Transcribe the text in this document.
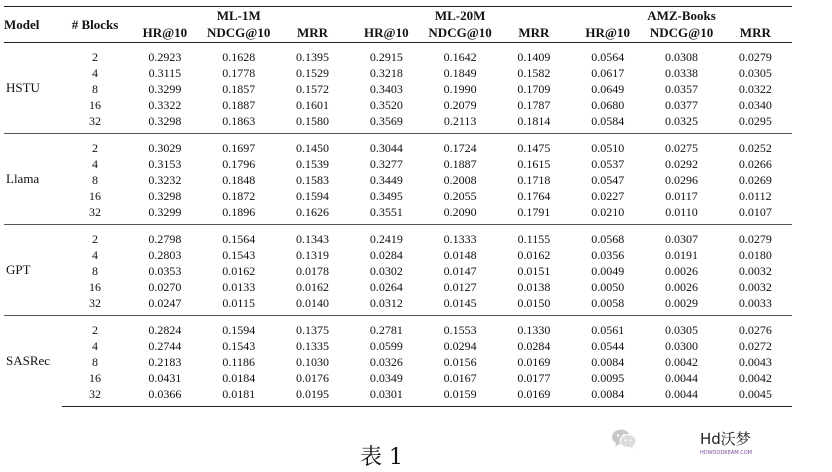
Model	# Blocks	ML-1M			ML-20M			AMZ-Books		
		HR@10	NDCG@10	MRR	HR@10	NDCG@10	MRR	HR@10	NDCG@10	MRR
HSTU	2	0.2923	0.1628	0.1395	0.2915	0.1642	0.1409	0.0564	0.0308	0.0279
	4	0.3115	0.1778	0.1529	0.3218	0.1849	0.1582	0.0617	0.0338	0.0305
	8	0.3299	0.1857	0.1572	0.3403	0.1990	0.1709	0.0649	0.0357	0.0322
	16	0.3322	0.1887	0.1601	0.3520	0.2079	0.1787	0.0680	0.0377	0.0340
	32	0.3298	0.1863	0.1580	0.3569	0.2113	0.1814	0.0584	0.0325	0.0295
Llama	2	0.3029	0.1697	0.1450	0.3044	0.1724	0.1475	0.0510	0.0275	0.0252
	4	0.3153	0.1796	0.1539	0.3277	0.1887	0.1615	0.0537	0.0292	0.0266
	8	0.3232	0.1848	0.1583	0.3449	0.2008	0.1718	0.0547	0.0296	0.0269
	16	0.3298	0.1872	0.1594	0.3495	0.2055	0.1764	0.0227	0.0117	0.0112
	32	0.3299	0.1896	0.1626	0.3551	0.2090	0.1791	0.0210	0.0110	0.0107
GPT	2	0.2798	0.1564	0.1343	0.2419	0.1333	0.1155	0.0568	0.0307	0.0279
	4	0.2803	0.1543	0.1319	0.0284	0.0148	0.0162	0.0356	0.0191	0.0180
	8	0.0353	0.0162	0.0178	0.0302	0.0147	0.0151	0.0049	0.0026	0.0032
	16	0.0270	0.0133	0.0162	0.0264	0.0127	0.0138	0.0050	0.0026	0.0032
	32	0.0247	0.0115	0.0140	0.0312	0.0145	0.0150	0.0058	0.0029	0.0033
SASRec	2	0.2824	0.1594	0.1375	0.2781	0.1553	0.1330	0.0561	0.0305	0.0276
	4	0.2744	0.1543	0.1335	0.0599	0.0294	0.0284	0.0544	0.0300	0.0272
	8	0.2183	0.1186	0.1030	0.0326	0.0156	0.0169	0.0084	0.0042	0.0043
	16	0.0431	0.0184	0.0176	0.0349	0.0167	0.0177	0.0095	0.0044	0.0042
	32	0.0366	0.0181	0.0195	0.0301	0.0159	0.0169	0.0084	0.0044	0.0045
表 1
Hd沃梦
HDWOODREAM.COM
